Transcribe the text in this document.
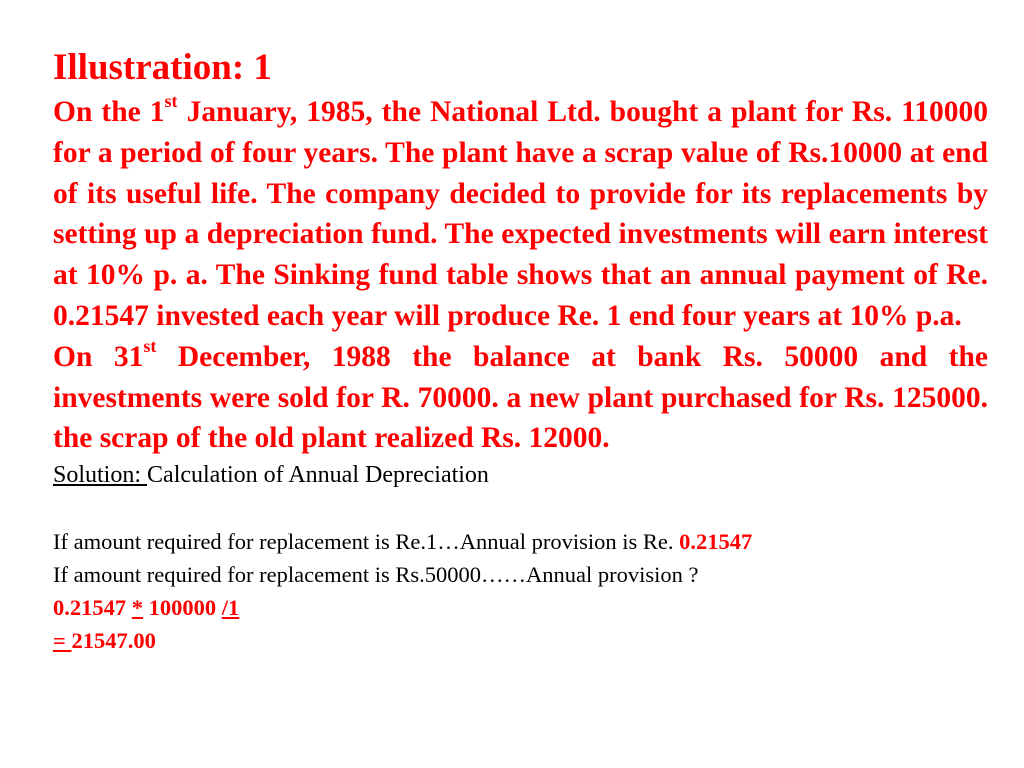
Illustration: 1

On the 1st January, 1985, the National Ltd. bought a plant for Rs. 110000 for a period of four years. The plant have a scrap value of Rs.10000 at end of its useful life. The company decided to provide for its replacements by setting up a depreciation fund. The expected investments will earn interest at 10% p. a. The Sinking fund table shows that an annual payment of Re. 0.21547 invested each year will produce Re. 1 end four years at 10% p.a.

On 31st December, 1988 the balance at bank Rs. 50000 and the investments were sold for R. 70000. a new plant purchased for Rs. 125000. the scrap of the old plant realized Rs. 12000.

Solution: Calculation of Annual Depreciation

If amount required for replacement is Re.1…Annual provision is Re. 0.21547

If amount required for replacement is Rs.50000……Annual provision ?

0.21547 * 100000 /1

= 21547.00
